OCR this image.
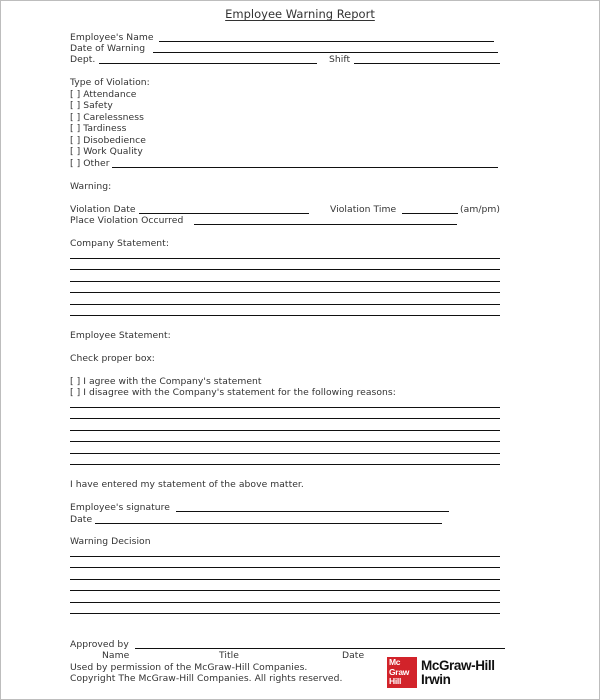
Employee Warning Report
Employee's Name
Date of Warning
Dept.	Shift
Type of Violation:
[ ] Attendance
[ ] Safety
[ ] Carelessness
[ ] Tardiness
[ ] Disobedience
[ ] Work Quality
[ ] Other
Warning:
Violation Date	Violation Time	(am/pm)
Place Violation Occurred
Company Statement:
Employee Statement:
Check proper box:
[ ] I agree with the Company's statement
[ ] I disagree with the Company's statement for the following reasons:
I have entered my statement of the above matter.
Employee's signature
Date
Warning Decision
Approved by
Name	Title	Date
Used by permission of the McGraw-Hill Companies.
Copyright The McGraw-Hill Companies. All rights reserved.
Mc
Graw
Hill
McGraw-Hill
Irwin
